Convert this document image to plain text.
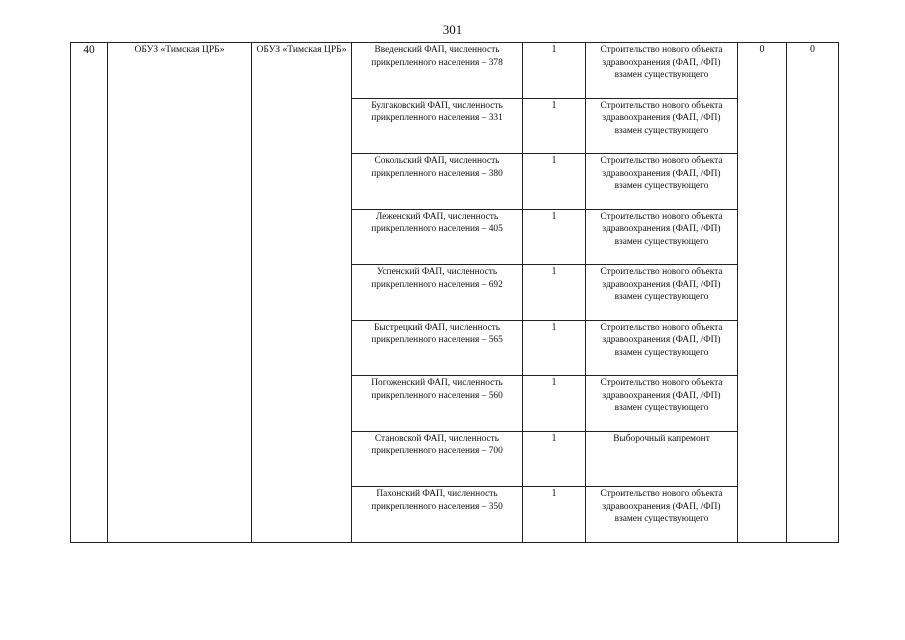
301
40	ОБУЗ «Тимская ЦРБ»	ОБУЗ «Тимская ЦРБ»	Введенский ФАП, численность прикрепленного населения – 378	1	Строительство нового объекта здравоохранения (ФАП, /ФП) взамен существующего	0	0
			Булгаковский ФАП, численность прикрепленного населения – 331	1	Строительство нового объекта здравоохранения (ФАП, /ФП) взамен существующего		
			Сокольский ФАП, численность прикрепленного населения – 380	1	Строительство нового объекта здравоохранения (ФАП, /ФП) взамен существующего		
			Леженский ФАП, численность прикрепленного населения – 405	1	Строительство нового объекта здравоохранения (ФАП, /ФП) взамен существующего		
			Успенский ФАП, численность прикрепленного населения – 692	1	Строительство нового объекта здравоохранения (ФАП, /ФП) взамен существующего		
			Быстрецкий ФАП, численность прикрепленного населения – 565	1	Строительство нового объекта здравоохранения (ФАП, /ФП) взамен существующего		
			Погоженский ФАП, численность прикрепленного населения – 560	1	Строительство нового объекта здравоохранения (ФАП, /ФП) взамен существующего		
			Становской ФАП, численность прикрепленного населения – 700	1	Выборочный капремонт		
			Пахонский ФАП, численность прикрепленного населения – 350	1	Строительство нового объекта здравоохранения (ФАП, /ФП) взамен существующего		
